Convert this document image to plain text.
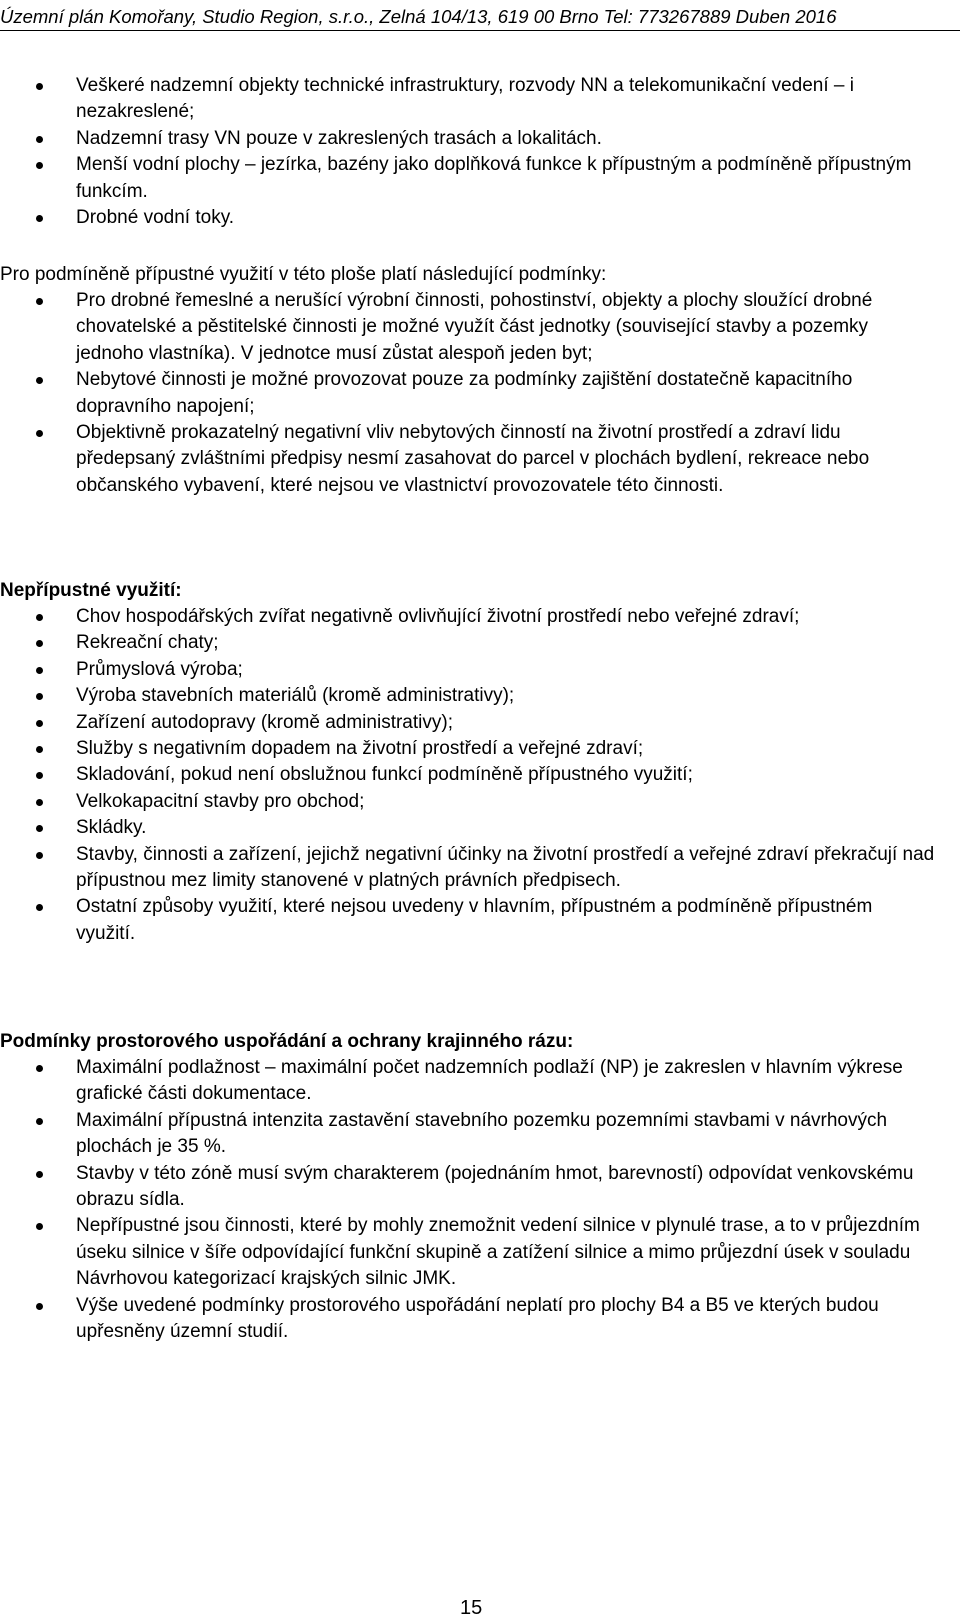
Územní plán Komořany, Studio Region, s.r.o., Zelná 104/13, 619 00 Brno Tel: 773267889 Duben 2016
Veškeré nadzemní objekty technické infrastruktury, rozvody NN a telekomunikační vedení – i nezakreslené;
Nadzemní trasy VN pouze v zakreslených trasách a lokalitách.
Menší vodní plochy – jezírka, bazény jako doplňková funkce k přípustným a podmíněně přípustným funkcím.
Drobné vodní toky.
Pro podmíněně přípustné využití v této ploše platí následující podmínky:
Pro drobné řemeslné a nerušící výrobní činnosti, pohostinství, objekty a plochy sloužící drobné chovatelské a pěstitelské činnosti je možné využít část jednotky (související stavby a pozemky jednoho vlastníka). V jednotce musí zůstat alespoň jeden byt;
Nebytové činnosti je možné provozovat pouze za podmínky zajištění dostatečně kapacitního dopravního napojení;
Objektivně prokazatelný negativní vliv nebytových činností na životní prostředí a zdraví lidu předepsaný zvláštními předpisy nesmí zasahovat do parcel v plochách bydlení, rekreace nebo občanského vybavení, které nejsou ve vlastnictví provozovatele této činnosti.
Nepřípustné využití:
Chov hospodářských zvířat negativně ovlivňující životní prostředí nebo veřejné zdraví;
Rekreační chaty;
Průmyslová výroba;
Výroba stavebních materiálů (kromě administrativy);
Zařízení autodopravy (kromě administrativy);
Služby s negativním dopadem na životní prostředí a veřejné zdraví;
Skladování, pokud není obslužnou funkcí podmíněně přípustného využití;
Velkokapacitní stavby pro obchod;
Skládky.
Stavby, činnosti a zařízení, jejichž negativní účinky na životní prostředí a veřejné zdraví překračují nad přípustnou mez limity stanovené v platných právních předpisech.
Ostatní způsoby využití, které nejsou uvedeny v hlavním, přípustném a podmíněně přípustném využití.
Podmínky prostorového uspořádání a ochrany krajinného rázu:
Maximální podlažnost – maximální počet nadzemních podlaží (NP) je zakreslen v hlavním výkrese grafické části dokumentace.
Maximální přípustná intenzita zastavění stavebního pozemku pozemními stavbami v návrhových plochách je 35 %.
Stavby v této zóně musí svým charakterem (pojednáním hmot, barevností) odpovídat venkovskému obrazu sídla.
Nepřípustné jsou činnosti, které by mohly znemožnit vedení silnice v plynulé trase, a to v průjezdním úseku silnice v šíře odpovídající funkční skupině a zatížení silnice a mimo průjezdní úsek v souladu Návrhovou kategorizací krajských silnic JMK.
Výše uvedené podmínky prostorového uspořádání neplatí pro plochy B4 a B5 ve kterých budou upřesněny územní studií.
15
